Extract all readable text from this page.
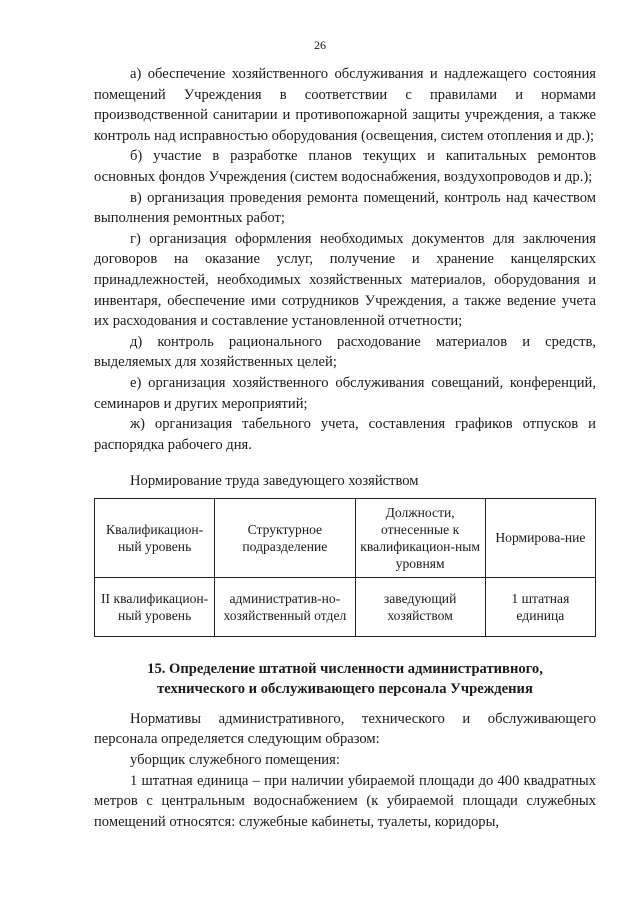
26

а) обеспечение хозяйственного обслуживания и надлежащего состояния помещений Учреждения в соответствии с правилами и нормами производственной санитарии и противопожарной защиты учреждения, а также контроль над исправностью оборудования (освещения, систем отопления и др.);

б) участие в разработке планов текущих и капитальных ремонтов основных фондов Учреждения (систем водоснабжения, воздухопроводов и др.);

в) организация проведения ремонта помещений, контроль над качеством выполнения ремонтных работ;

г) организация оформления необходимых документов для заключения договоров на оказание услуг, получение и хранение канцелярских принадлежностей, необходимых хозяйственных материалов, оборудования и инвентаря, обеспечение ими сотрудников Учреждения, а также ведение учета их расходования и составление установленной отчетности;

д) контроль рационального расходование материалов и средств, выделяемых для хозяйственных целей;

е) организация хозяйственного обслуживания совещаний, конференций, семинаров и других мероприятий;

ж) организация табельного учета, составления графиков отпусков и распорядка рабочего дня.

Нормирование труда заведующего хозяйством

Квалификацион-ный уровень	Структурное подразделение	Должности, отнесенные к квалификацион-ным уровням	Нормирова-ние
II квалификацион-ный уровень	административ-но-хозяйственный отдел	заведующий хозяйством	1 штатная единица
15. Определение штатной численности административного,
технического и обслуживающего персонала Учреждения

Нормативы административного, технического и обслуживающего персонала определяется следующим образом:

уборщик служебного помещения:

1 штатная единица – при наличии убираемой площади до 400 квадратных метров с центральным водоснабжением (к убираемой площади служебных помещений относятся: служебные кабинеты, туалеты, коридоры,
